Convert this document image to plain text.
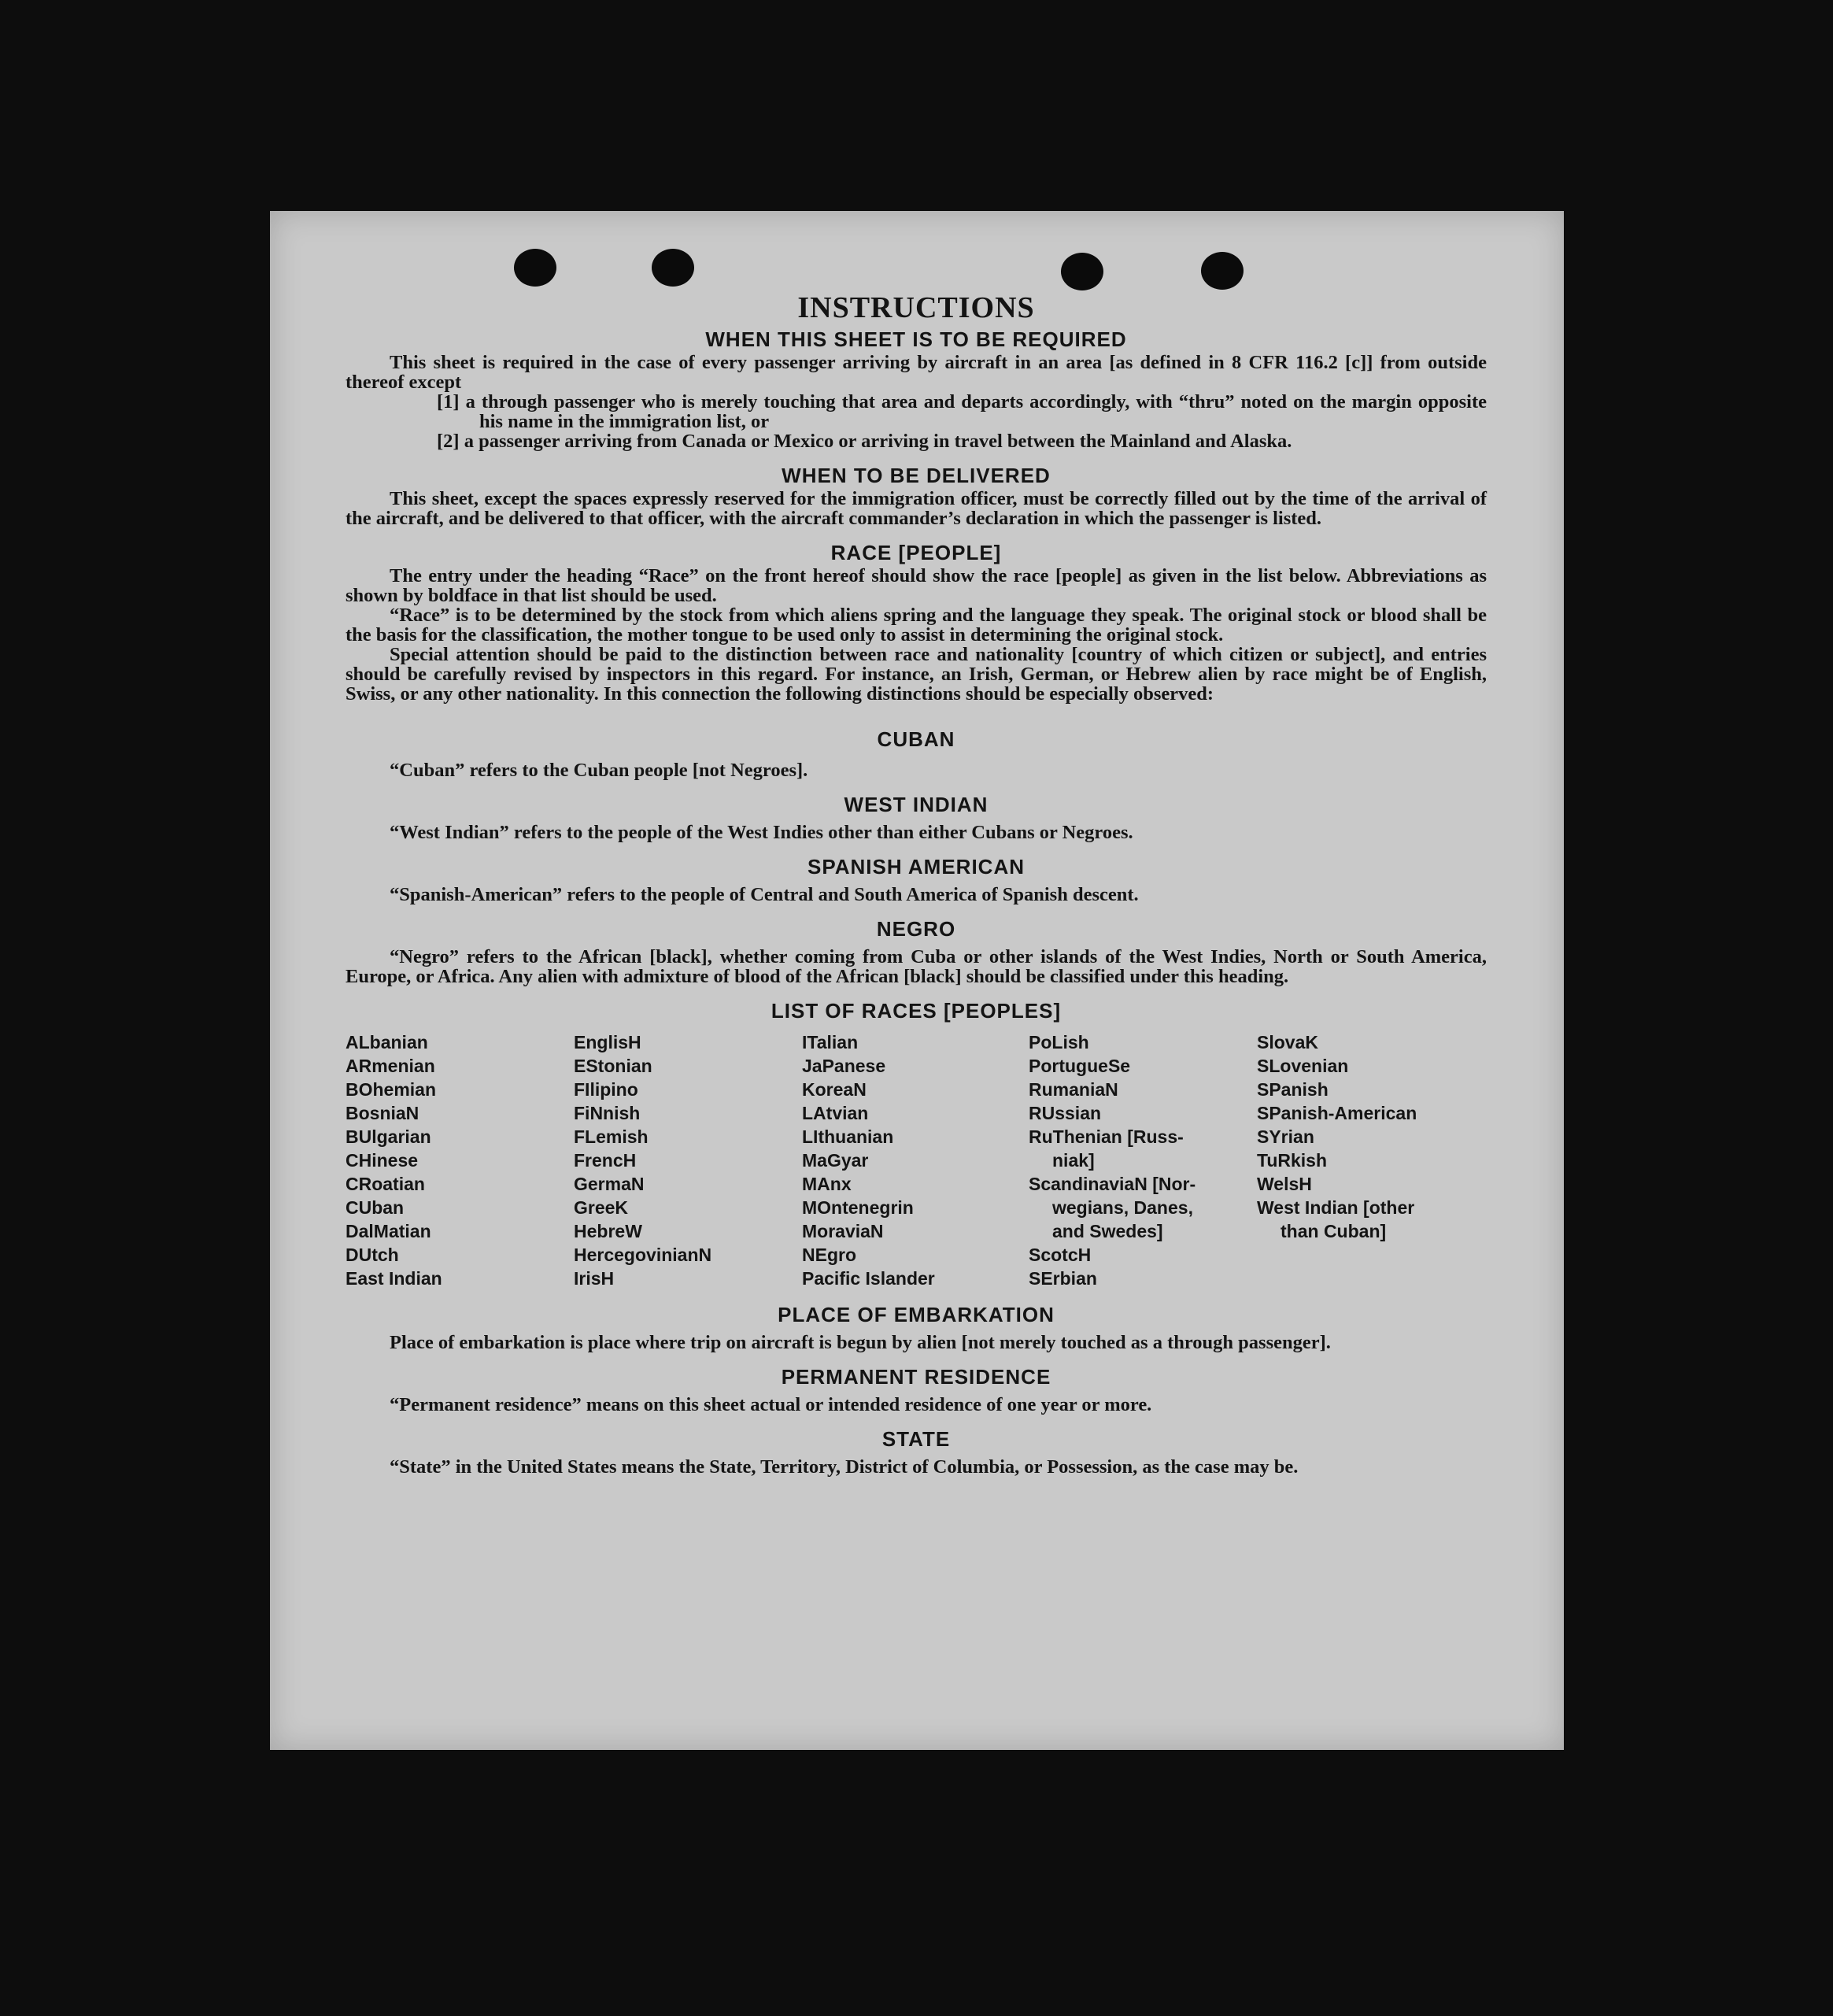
INSTRUCTIONS
WHEN THIS SHEET IS TO BE REQUIRED

This sheet is required in the case of every passenger arriving by aircraft in an area [as defined in 8 CFR 116.2 [c]] from outside thereof except

[1] a through passenger who is merely touching that area and departs accordingly, with “thru” noted on the margin opposite his name in the immigration list, or

[2] a passenger arriving from Canada or Mexico or arriving in travel between the Mainland and Alaska.

WHEN TO BE DELIVERED

This sheet, except the spaces expressly reserved for the immigration officer, must be correctly filled out by the time of the arrival of the aircraft, and be delivered to that officer, with the aircraft commander’s declaration in which the passenger is listed.

RACE [PEOPLE]

The entry under the heading “Race” on the front hereof should show the race [people] as given in the list below. Abbreviations as shown by boldface in that list should be used.

“Race” is to be determined by the stock from which aliens spring and the language they speak. The original stock or blood shall be the basis for the classification, the mother tongue to be used only to assist in determining the original stock.

Special attention should be paid to the distinction between race and nationality [country of which citizen or subject], and entries should be carefully revised by inspectors in this regard. For instance, an Irish, German, or Hebrew alien by race might be of English, Swiss, or any other nationality. In this connection the following distinctions should be especially observed:

CUBAN

“Cuban” refers to the Cuban people [not Negroes].

WEST INDIAN

“West Indian” refers to the people of the West Indies other than either Cubans or Negroes.

SPANISH AMERICAN

“Spanish-American” refers to the people of Central and South America of Spanish descent.

NEGRO

“Negro” refers to the African [black], whether coming from Cuba or other islands of the West Indies, North or South America, Europe, or Africa. Any alien with admixture of blood of the African [black] should be classified under this heading.

LIST OF RACES [PEOPLES]
ALbanian
ARmenian
BOhemian
BosniaN
BUlgarian
CHinese
CRoatian
CUban
DalMatian
DUtch
East Indian
EnglisH
EStonian
FIlipino
FiNnish
FLemish
FrencH
GermaN
GreeK
HebreW
HercegovinianN
IrisH
ITalian
JaPanese
KoreaN
LAtvian
LIthuanian
MaGyar
MAnx
MOntenegrin
MoraviaN
NEgro
Pacific Islander
PoLish
PortugueSe
RumaniaN
RUssian
RuThenian [Russ-
niak]
ScandinaviaN [Nor-
wegians, Danes,
and Swedes]
ScotcH
SErbian
SlovaK
SLovenian
SPanish
SPanish-American
SYrian
TuRkish
WelsH
West Indian [other
than Cuban]
PLACE OF EMBARKATION

Place of embarkation is place where trip on aircraft is begun by alien [not merely touched as a through passenger].

PERMANENT RESIDENCE

“Permanent residence” means on this sheet actual or intended residence of one year or more.

STATE

“State” in the United States means the State, Territory, District of Columbia, or Possession, as the case may be.
